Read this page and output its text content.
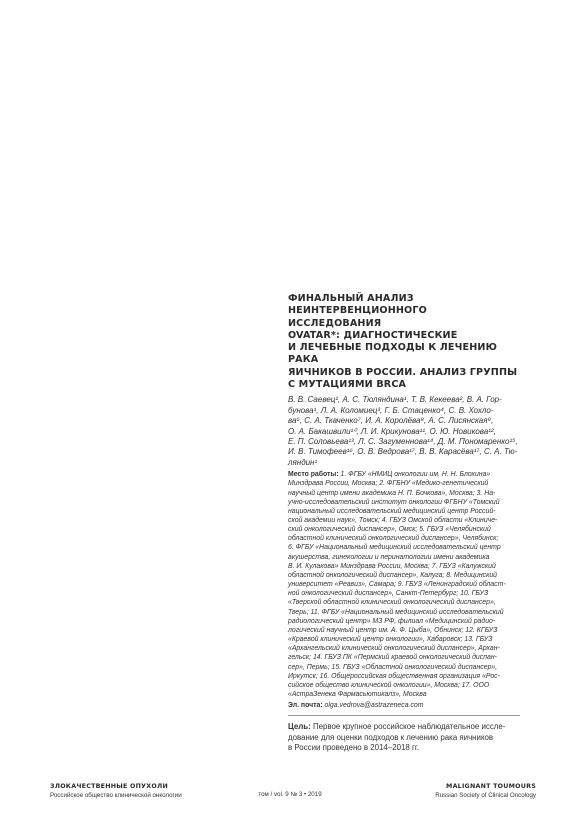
ФИНАЛЬНЫЙ АНАЛИЗ
НЕИНТЕРВЕНЦИОННОГО ИССЛЕДОВАНИЯ
OVATAR*: ДИАГНОСТИЧЕСКИЕ
И ЛЕЧЕБНЫЕ ПОДХОДЫ К ЛЕЧЕНИЮ РАКА
ЯИЧНИКОВ В РОССИИ. АНАЛИЗ ГРУППЫ
С МУТАЦИЯМИ BRCA

В. В. Саевец¹, А. С. Тюляндина¹, Т. В. Кекеева², В. А. Гор-
бунова¹, Л. А. Коломиец³, Г. Б. Стаценко⁴, С. В. Хохло-
ва⁶, С. А. Ткаченко⁷, И. А. Королёва⁸, А. С. Лисянская⁹,
О. А. Бакашвили¹⁰, Л. И. Крикунова¹¹, О. Ю. Новикова¹²,
Е. П. Соловьева¹³, Л. С. Загуменнова¹⁴, Д. М. Пономаренко¹⁵,
И. В. Тимофеев¹⁶, О. В. Ведрова¹⁷, В. В. Карасёва¹⁷, С. А. Тю-
ляндин¹

Место работы: 1. ФГБУ «НМИЦ онкологии им. Н. Н. Блохина»
Минздрава России, Москва; 2. ФГБНУ «Медико-генетический
научный центр имени академика Н. П. Бочкова», Москва; 3. На-
учно-исследовательский институт онкологии ФГБНУ «Томский
национальный исследовательский медицинский центр Россий-
ской академии наук», Томск; 4. ГБУЗ Омской области «Клиниче-
ский онкологический диспансер», Омск; 5. ГБУЗ «Челябинский
областной клинический онкологический диспансер», Челябинск;
6. ФГБУ «Национальный медицинский исследовательский центр
акушерства, гинекологии и перинатологии имени академика
В. И. Кулакова» Минздрава России, Москва; 7. ГБУЗ «Калужский
областной онкологический диспансер», Калуга; 8. Медицинский
университет «Реавиз», Самара; 9. ГБУЗ «Ленинградский област-
ной онкологический диспансер», Санкт-Петербург; 10. ГБУЗ
«Тверской областной клинический онкологический диспансер»,
Тверь; 11. ФГБУ «Национальный медицинский исследовательский
радиологический центр» МЗ РФ, филиал «Медицинский радио-
логический научный центр им. А. Ф. Цыба», Обнинск; 12. КГБУЗ
«Краевой клинический центр онкологии», Хабаровск; 13. ГБУЗ
«Архангельский клинический онкологический диспансер», Архан-
гельск; 14. ГБУЗ ПК «Пермский краевой онкологический диспан-
сер», Пермь; 15. ГБУЗ «Областной онкологический диспансер»,
Иркутск; 16. Общероссийская общественная организация «Рос-
сийское общество клинической онкологии», Москва; 17. ООО
«АстраЗенека Фармасьютикалз», Москва

Эл. почта: olga.vedrova@astrazeneca.com

Цель: Первое крупное российское наблюдательное иссле-
дование для оценки подходов к лечению рака яичников
в России проведено в 2014–2018 гг.

ЗЛОКАЧЕСТВЕННЫЕ ОПУХОЛИ
Российское общество клинической онкологии	том / vol. 9 № 3 • 2019
MALIGNANT TOUMOURS
Russian Society of Clinical Oncology
